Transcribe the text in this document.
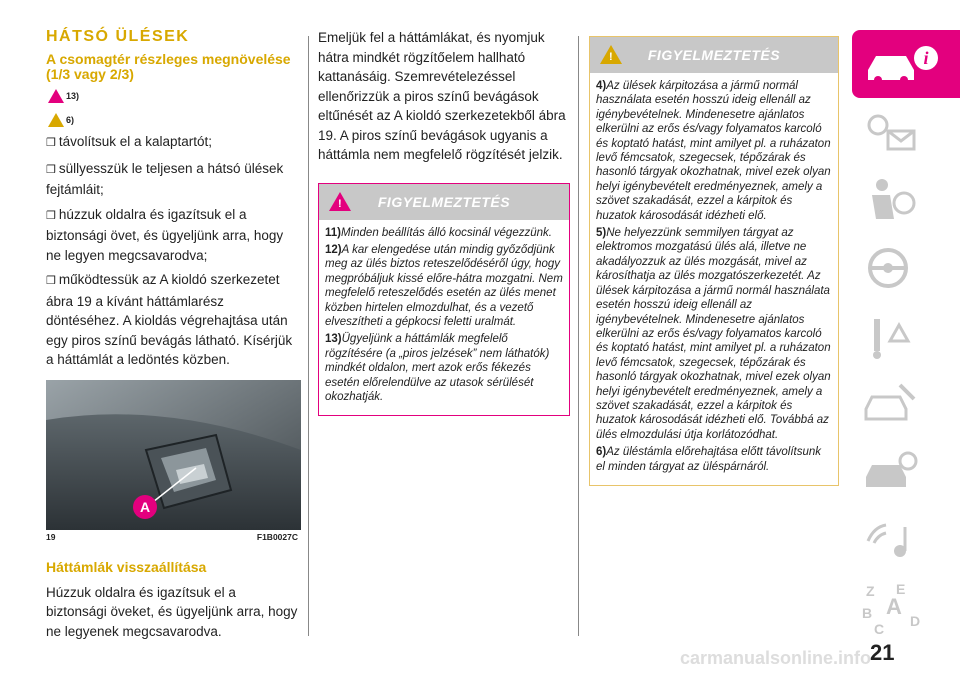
HÁTSÓ ÜLÉSEK
A csomagtér részleges megnövelése (1/3 vagy 2/3)
13)
6)

❒ távolítsuk el a kalaptartót;

❒ süllyesszük le teljesen a hátsó ülések fejtámláit;

❒ húzzuk oldalra és igazítsuk el a biztonsági övet, és ügyeljünk arra, hogy ne legyen megcsavarodva;

❒ működtessük az A kioldó szerkezetet ábra 19 a kívánt háttámlarész döntéséhez. A kioldás végrehajtása után egy piros színű bevágás látható. Kísérjük a háttámlát a ledöntés közben.

A
19	F1B0027C
Háttámlák visszaállítása

Húzzuk oldalra és igazítsuk el a biztonsági öveket, és ügyeljünk arra, hogy ne legyenek megcsavarodva.

Emeljük fel a háttámlákat, és nyomjuk hátra mindkét rögzítőelem hallható kattanásáig. Szemrevételezéssel ellenőrizzük a piros színű bevágások eltűnését az A kioldó szerkezetekből ábra 19. A piros színű bevágások ugyanis a háttámla nem megfelelő rögzítését jelzik.

!	FIGYELMEZTETÉS

11)Minden beállítás álló kocsinál végezzünk.

12)A kar elengedése után mindig győződjünk meg az ülés biztos reteszelődéséről úgy, hogy megpróbáljuk kissé előre-hátra mozgatni. Nem megfelelő reteszelődés esetén az ülés menet közben hirtelen elmozdulhat, és a vezető elveszítheti a gépkocsi feletti uralmát.

13)Ügyeljünk a háttámlák megfelelő rögzítésére (a „piros jelzések” nem láthatók) mindkét oldalon, mert azok erős fékezés esetén előrelendülve az utasok sérülését okozhatják.

!	FIGYELMEZTETÉS

4)Az ülések kárpitozása a jármű normál használata esetén hosszú ideig ellenáll az igénybevételnek. Mindenesetre ajánlatos elkerülni az erős és/vagy folyamatos karcoló és koptató hatást, mint amilyet pl. a ruházaton levő fémcsatok, szegecsek, tépőzárak és hasonló tárgyak okozhatnak, mivel ezek olyan helyi igénybevételt eredményeznek, amely a szövet szakadását, ezzel a kárpitok és huzatok károsodását idézheti elő.

5)Ne helyezzünk semmilyen tárgyat az elektromos mozgatású ülés alá, illetve ne akadályozzuk az ülés mozgását, mivel az károsíthatja az ülés mozgatószerkezetét. Az ülések kárpitozása a jármű normál használata esetén hosszú ideig ellenáll az igénybevételnek. Mindenesetre ajánlatos elkerülni az erős és/vagy folyamatos karcoló és koptató hatást, mint amilyet pl. a ruházaton levő fémcsatok, szegecsek, tépőzárak és hasonló tárgyak okozhatnak, mivel ezek olyan helyi igénybevételt eredményeznek, amely a szövet szakadását, ezzel a kárpitok és huzatok károsodását idézheti elő. Továbbá az ülés elmozdulási útja korlátozódhat.

6)Az üléstámla előrehajtása előtt távolítsunk el minden tárgyat az üléspárnáról.

i
Z E
B A
C D
21
carmanualsonline.info
